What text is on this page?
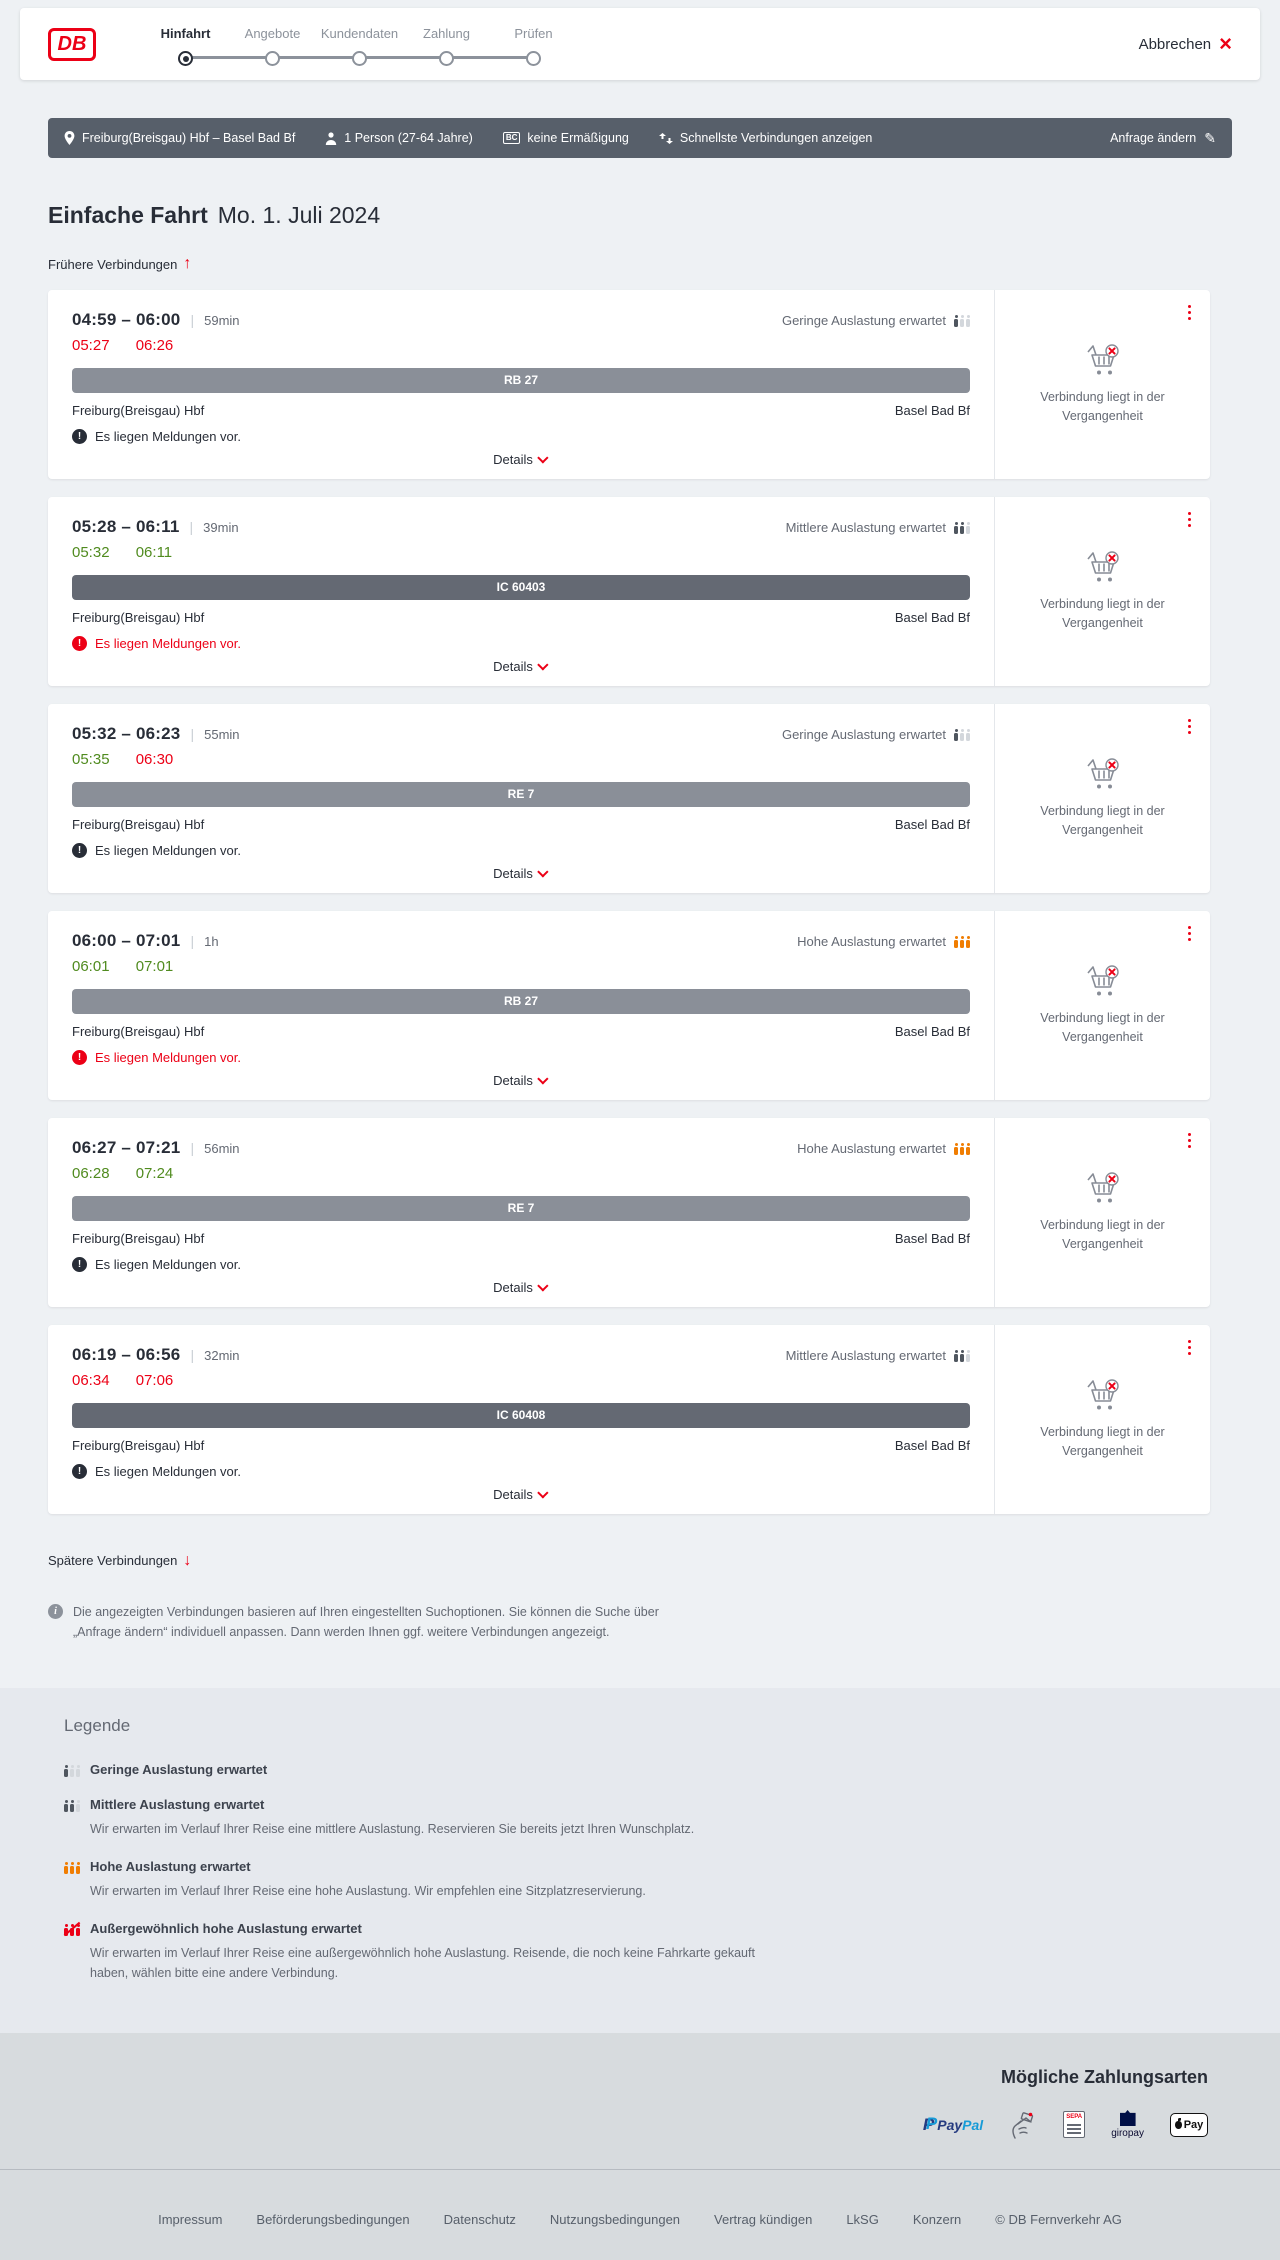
DB	Hinfahrt	Angebote	Kundendaten	Zahlung	Prüfen
Abbrechen ×
Freiburg(Breisgau) Hbf – Basel Bad Bf	1 Person (27-64 Jahre)	BC keine Ermäßigung	Schnellste Verbindungen anzeigen	Anfrage ändern ✎
Einfache Fahrt Mo. 1. Juli 2024
Frühere Verbindungen ↑
04:59 – 06:00 | 59min	Geringe Auslastung erwartet
05:27 06:26
RB 27
Freiburg(Breisgau) Hbf	Basel Bad Bf
!	Es liegen Meldungen vor.
Details
Verbindung liegt in der Vergangenheit
05:28 – 06:11 | 39min	Mittlere Auslastung erwartet
05:32 06:11
IC 60403
Freiburg(Breisgau) Hbf	Basel Bad Bf
!	Es liegen Meldungen vor.
Details
Verbindung liegt in der Vergangenheit
05:32 – 06:23 | 55min	Geringe Auslastung erwartet
05:35 06:30
RE 7
Freiburg(Breisgau) Hbf	Basel Bad Bf
!	Es liegen Meldungen vor.
Details
Verbindung liegt in der Vergangenheit
06:00 – 07:01 | 1h	Hohe Auslastung erwartet
06:01 07:01
RB 27
Freiburg(Breisgau) Hbf	Basel Bad Bf
!	Es liegen Meldungen vor.
Details
Verbindung liegt in der Vergangenheit
06:27 – 07:21 | 56min	Hohe Auslastung erwartet
06:28 07:24
RE 7
Freiburg(Breisgau) Hbf	Basel Bad Bf
!	Es liegen Meldungen vor.
Details
Verbindung liegt in der Vergangenheit
06:19 – 06:56 | 32min	Mittlere Auslastung erwartet
06:34 07:06
IC 60408
Freiburg(Breisgau) Hbf	Basel Bad Bf
!	Es liegen Meldungen vor.
Details
Verbindung liegt in der Vergangenheit
Spätere Verbindungen ↓
i	Die angezeigten Verbindungen basieren auf Ihren eingestellten Suchoptionen. Sie können die Suche über „Anfrage ändern“ individuell anpassen. Dann werden Ihnen ggf. weitere Verbindungen angezeigt.
Legende
Geringe Auslastung erwartet
Mittlere Auslastung erwartet
Wir erwarten im Verlauf Ihrer Reise eine mittlere Auslastung. Reservieren Sie bereits jetzt Ihren Wunschplatz.
Hohe Auslastung erwartet
Wir erwarten im Verlauf Ihrer Reise eine hohe Auslastung. Wir empfehlen eine Sitzplatzreservierung.
Außergewöhnlich hohe Auslastung erwartet
Wir erwarten im Verlauf Ihrer Reise eine außergewöhnlich hohe Auslastung. Reisende, die noch keine Fahrkarte gekauft haben, wählen bitte eine andere Verbindung.
Mögliche Zahlungsarten
P P PayPal	SEPA
giropay
Pay
Impressum	Beförderungsbedingungen	Datenschutz	Nutzungsbedingungen	Vertrag kündigen	LkSG	Konzern	© DB Fernverkehr AG
